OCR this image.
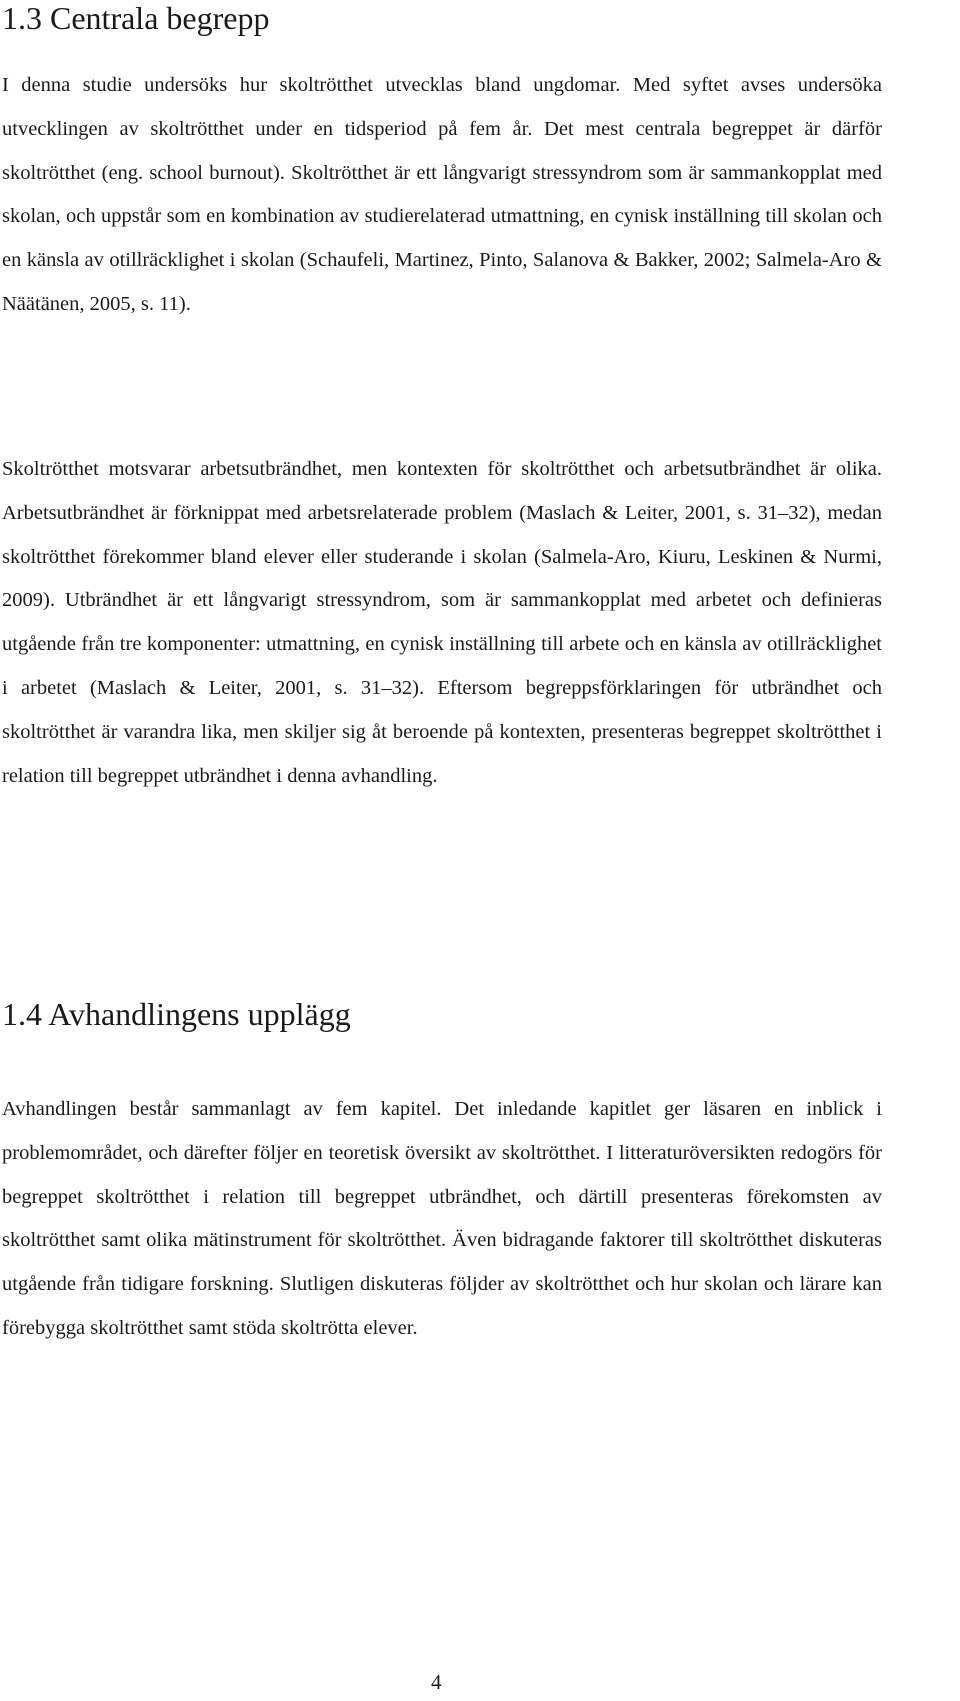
1.3 Centrala begrepp

I denna studie undersöks hur skoltrötthet utvecklas bland ungdomar. Med syftet avses undersöka utvecklingen av skoltrötthet under en tidsperiod på fem år. Det mest centrala begreppet är därför skoltrötthet (eng. school burnout). Skoltrötthet är ett långvarigt stressyndrom som är sammankopplat med skolan, och uppstår som en kombination av studierelaterad utmattning, en cynisk inställning till skolan och en känsla av otillräcklighet i skolan (Schaufeli, Martinez, Pinto, Salanova & Bakker, 2002; Salmela-Aro & Näätänen, 2005, s. 11).

Skoltrötthet motsvarar arbetsutbrändhet, men kontexten för skoltrötthet och arbetsutbrändhet är olika. Arbetsutbrändhet är förknippat med arbetsrelaterade problem (Maslach & Leiter, 2001, s. 31–32), medan skoltrötthet förekommer bland elever eller studerande i skolan (Salmela-Aro, Kiuru, Leskinen & Nurmi, 2009). Utbrändhet är ett långvarigt stressyndrom, som är sammankopplat med arbetet och definieras utgående från tre komponenter: utmattning, en cynisk inställning till arbete och en känsla av otillräcklighet i arbetet (Maslach & Leiter, 2001, s. 31–32). Eftersom begreppsförklaringen för utbrändhet och skoltrötthet är varandra lika, men skiljer sig åt beroende på kontexten, presenteras begreppet skoltrötthet i relation till begreppet utbrändhet i denna avhandling.

1.4 Avhandlingens upplägg

Avhandlingen består sammanlagt av fem kapitel. Det inledande kapitlet ger läsaren en inblick i problemområdet, och därefter följer en teoretisk översikt av skoltrötthet. I litteraturöversikten redogörs för begreppet skoltrötthet i relation till begreppet utbrändhet, och därtill presenteras förekomsten av skoltrötthet samt olika mätinstrument för skoltrötthet. Även bidragande faktorer till skoltrötthet diskuteras utgående från tidigare forskning. Slutligen diskuteras följder av skoltrötthet och hur skolan och lärare kan förebygga skoltrötthet samt stöda skoltrötta elever.

4
